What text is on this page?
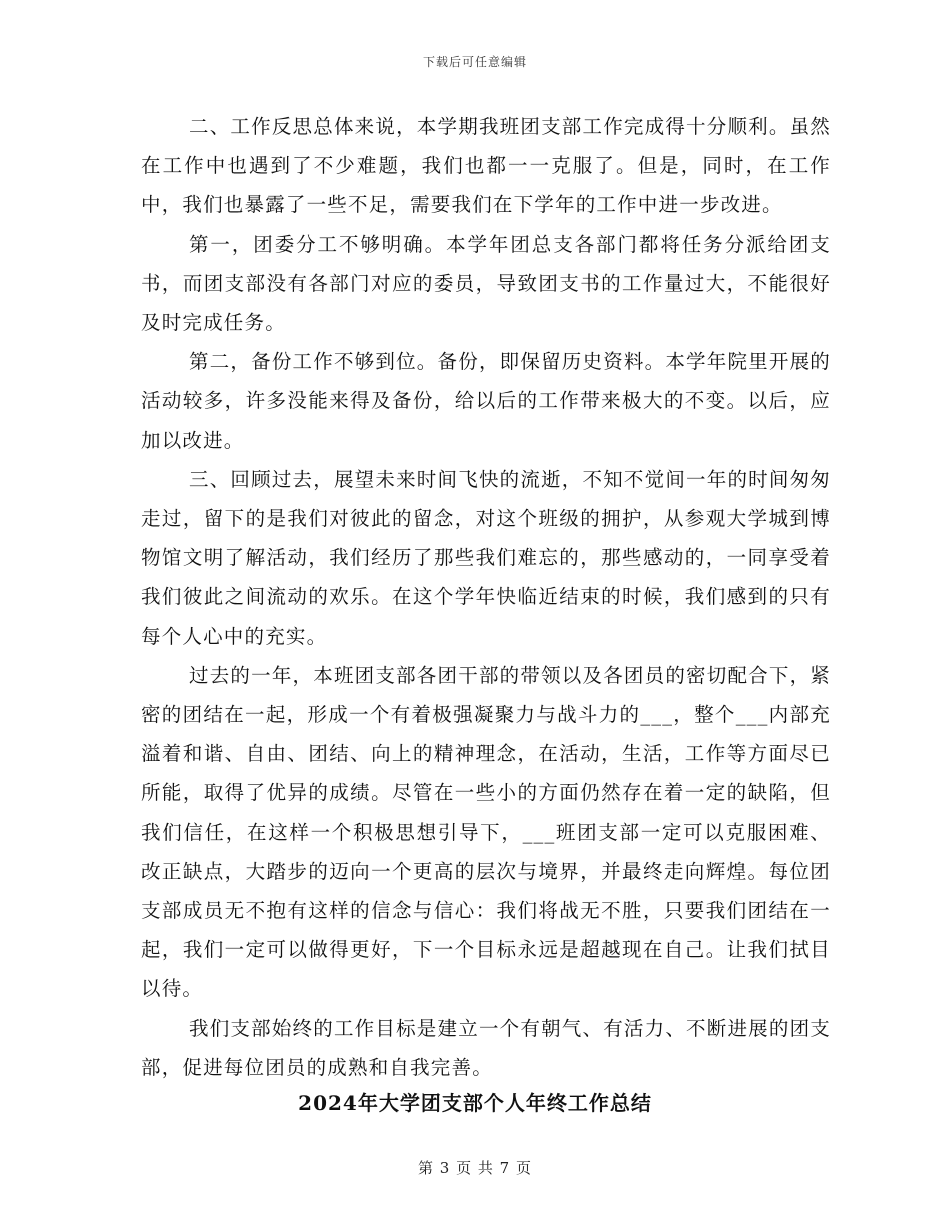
下载后可任意编辑

二、工作反思总体来说，本学期我班团支部工作完成得十分顺利。虽然在工作中也遇到了不少难题，我们也都一一克服了。但是，同时，在工作中，我们也暴露了一些不足，需要我们在下学年的工作中进一步改进。

第一，团委分工不够明确。本学年团总支各部门都将任务分派给团支书，而团支部没有各部门对应的委员，导致团支书的工作量过大，不能很好及时完成任务。

第二，备份工作不够到位。备份，即保留历史资料。本学年院里开展的活动较多，许多没能来得及备份，给以后的工作带来极大的不变。以后，应加以改进。

三、回顾过去，展望未来时间飞快的流逝，不知不觉间一年的时间匆匆走过，留下的是我们对彼此的留念，对这个班级的拥护，从参观大学城到博物馆文明了解活动，我们经历了那些我们难忘的，那些感动的，一同享受着我们彼此之间流动的欢乐。在这个学年快临近结束的时候，我们感到的只有每个人心中的充实。

过去的一年，本班团支部各团干部的带领以及各团员的密切配合下，紧密的团结在一起，形成一个有着极强凝聚力与战斗力的___，整个___内部充溢着和谐、自由、团结、向上的精神理念，在活动，生活，工作等方面尽已所能，取得了优异的成绩。尽管在一些小的方面仍然存在着一定的缺陷，但我们信任，在这样一个积极思想引导下，___班团支部一定可以克服困难、改正缺点，大踏步的迈向一个更高的层次与境界，并最终走向辉煌。每位团支部成员无不抱有这样的信念与信心：我们将战无不胜，只要我们团结在一起，我们一定可以做得更好，下一个目标永远是超越现在自己。让我们拭目以待。

我们支部始终的工作目标是建立一个有朝气、有活力、不断进展的团支部，促进每位团员的成熟和自我完善。

2024年大学团支部个人年终工作总结
第 3 页 共 7 页
